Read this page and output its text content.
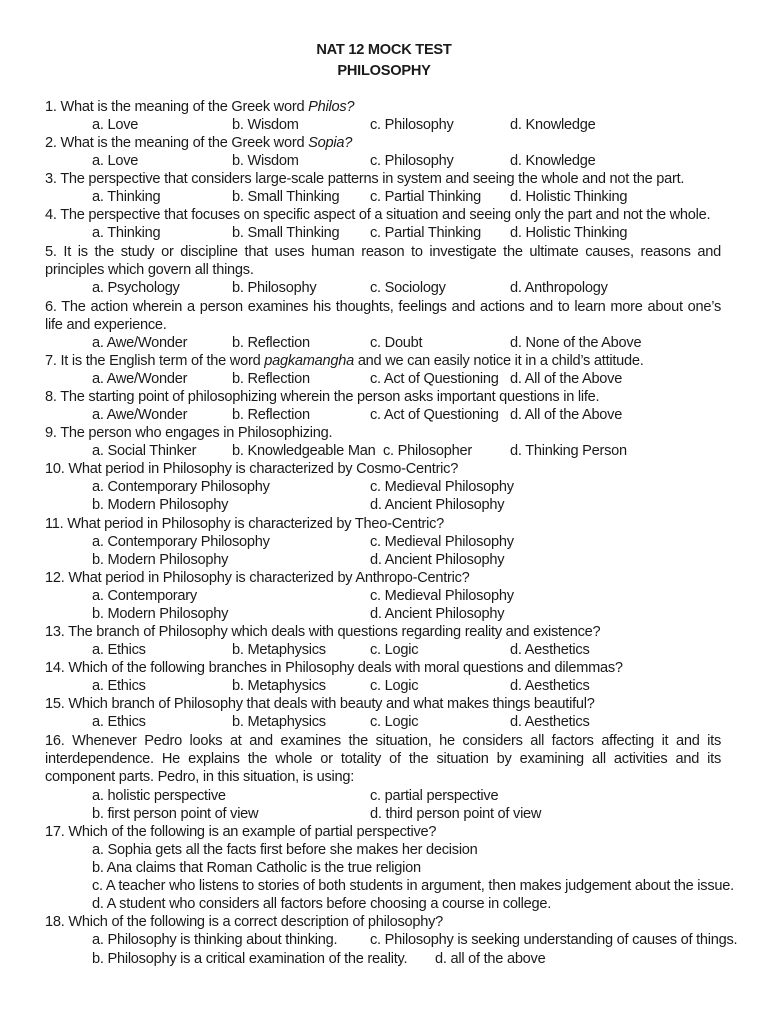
NAT 12 MOCK TEST
PHILOSOPHY
1. What is the meaning of the Greek word Philos?
a. Love	b. Wisdom	c. Philosophy	d. Knowledge
2. What is the meaning of the Greek word Sopia?
a. Love	b. Wisdom	c. Philosophy	d. Knowledge
3. The perspective that considers large-scale patterns in system and seeing the whole and not the part.
a. Thinking	b. Small Thinking c. Partial Thinking d. Holistic Thinking
4. The perspective that focuses on specific aspect of a situation and seeing only the part and not the whole.
a. Thinking	b. Small Thinking c. Partial Thinking d. Holistic Thinking
5. It is the study or discipline that uses human reason to investigate the ultimate causes, reasons and principles which govern all things.
a. Psychology	b. Philosophy	c. Sociology	d. Anthropology
6. The action wherein a person examines his thoughts, feelings and actions and to learn more about one’s life and experience.
a. Awe/Wonder	b. Reflection	c. Doubt	d. None of the Above
7. It is the English term of the word pagkamangha and we can easily notice it in a child’s attitude.
a. Awe/Wonder	b. Reflection	c. Act of Questioning d. All of the Above
8. The starting point of philosophizing wherein the person asks important questions in life.
a. Awe/Wonder	b. Reflection	c. Act of Questioning d. All of the Above
9. The person who engages in Philosophizing.
a. Social Thinker b. Knowledgeable Man c. Philosopher	d. Thinking Person
10. What period in Philosophy is characterized by Cosmo-Centric?
a. Contemporary Philosophy	c. Medieval Philosophy
b. Modern Philosophy	d. Ancient Philosophy
11. What period in Philosophy is characterized by Theo-Centric?
a. Contemporary Philosophy	c. Medieval Philosophy
b. Modern Philosophy	d. Ancient Philosophy
12. What period in Philosophy is characterized by Anthropo-Centric?
a. Contemporary	c. Medieval Philosophy
b. Modern Philosophy	d. Ancient Philosophy
13. The branch of Philosophy which deals with questions regarding reality and existence?
a. Ethics	b. Metaphysics	c. Logic	d. Aesthetics
14. Which of the following branches in Philosophy deals with moral questions and dilemmas?
a. Ethics	b. Metaphysics	c. Logic	d. Aesthetics
15. Which branch of Philosophy that deals with beauty and what makes things beautiful?
a. Ethics	b. Metaphysics	c. Logic	d. Aesthetics
16. Whenever Pedro looks at and examines the situation, he considers all factors affecting it and its interdependence. He explains the whole or totality of the situation by examining all activities and its component parts. Pedro, in this situation, is using:
a. holistic perspective	c. partial perspective
b. first person point of view	d. third person point of view
17. Which of the following is an example of partial perspective?
a. Sophia gets all the facts first before she makes her decision
b. Ana claims that Roman Catholic is the true religion
c. A teacher who listens to stories of both students in argument, then makes judgement about the issue.
d. A student who considers all factors before choosing a course in college.
18. Which of the following is a correct description of philosophy?
a. Philosophy is thinking about thinking. c. Philosophy is seeking understanding of causes of things.
b. Philosophy is a critical examination of the reality. d. all of the above
